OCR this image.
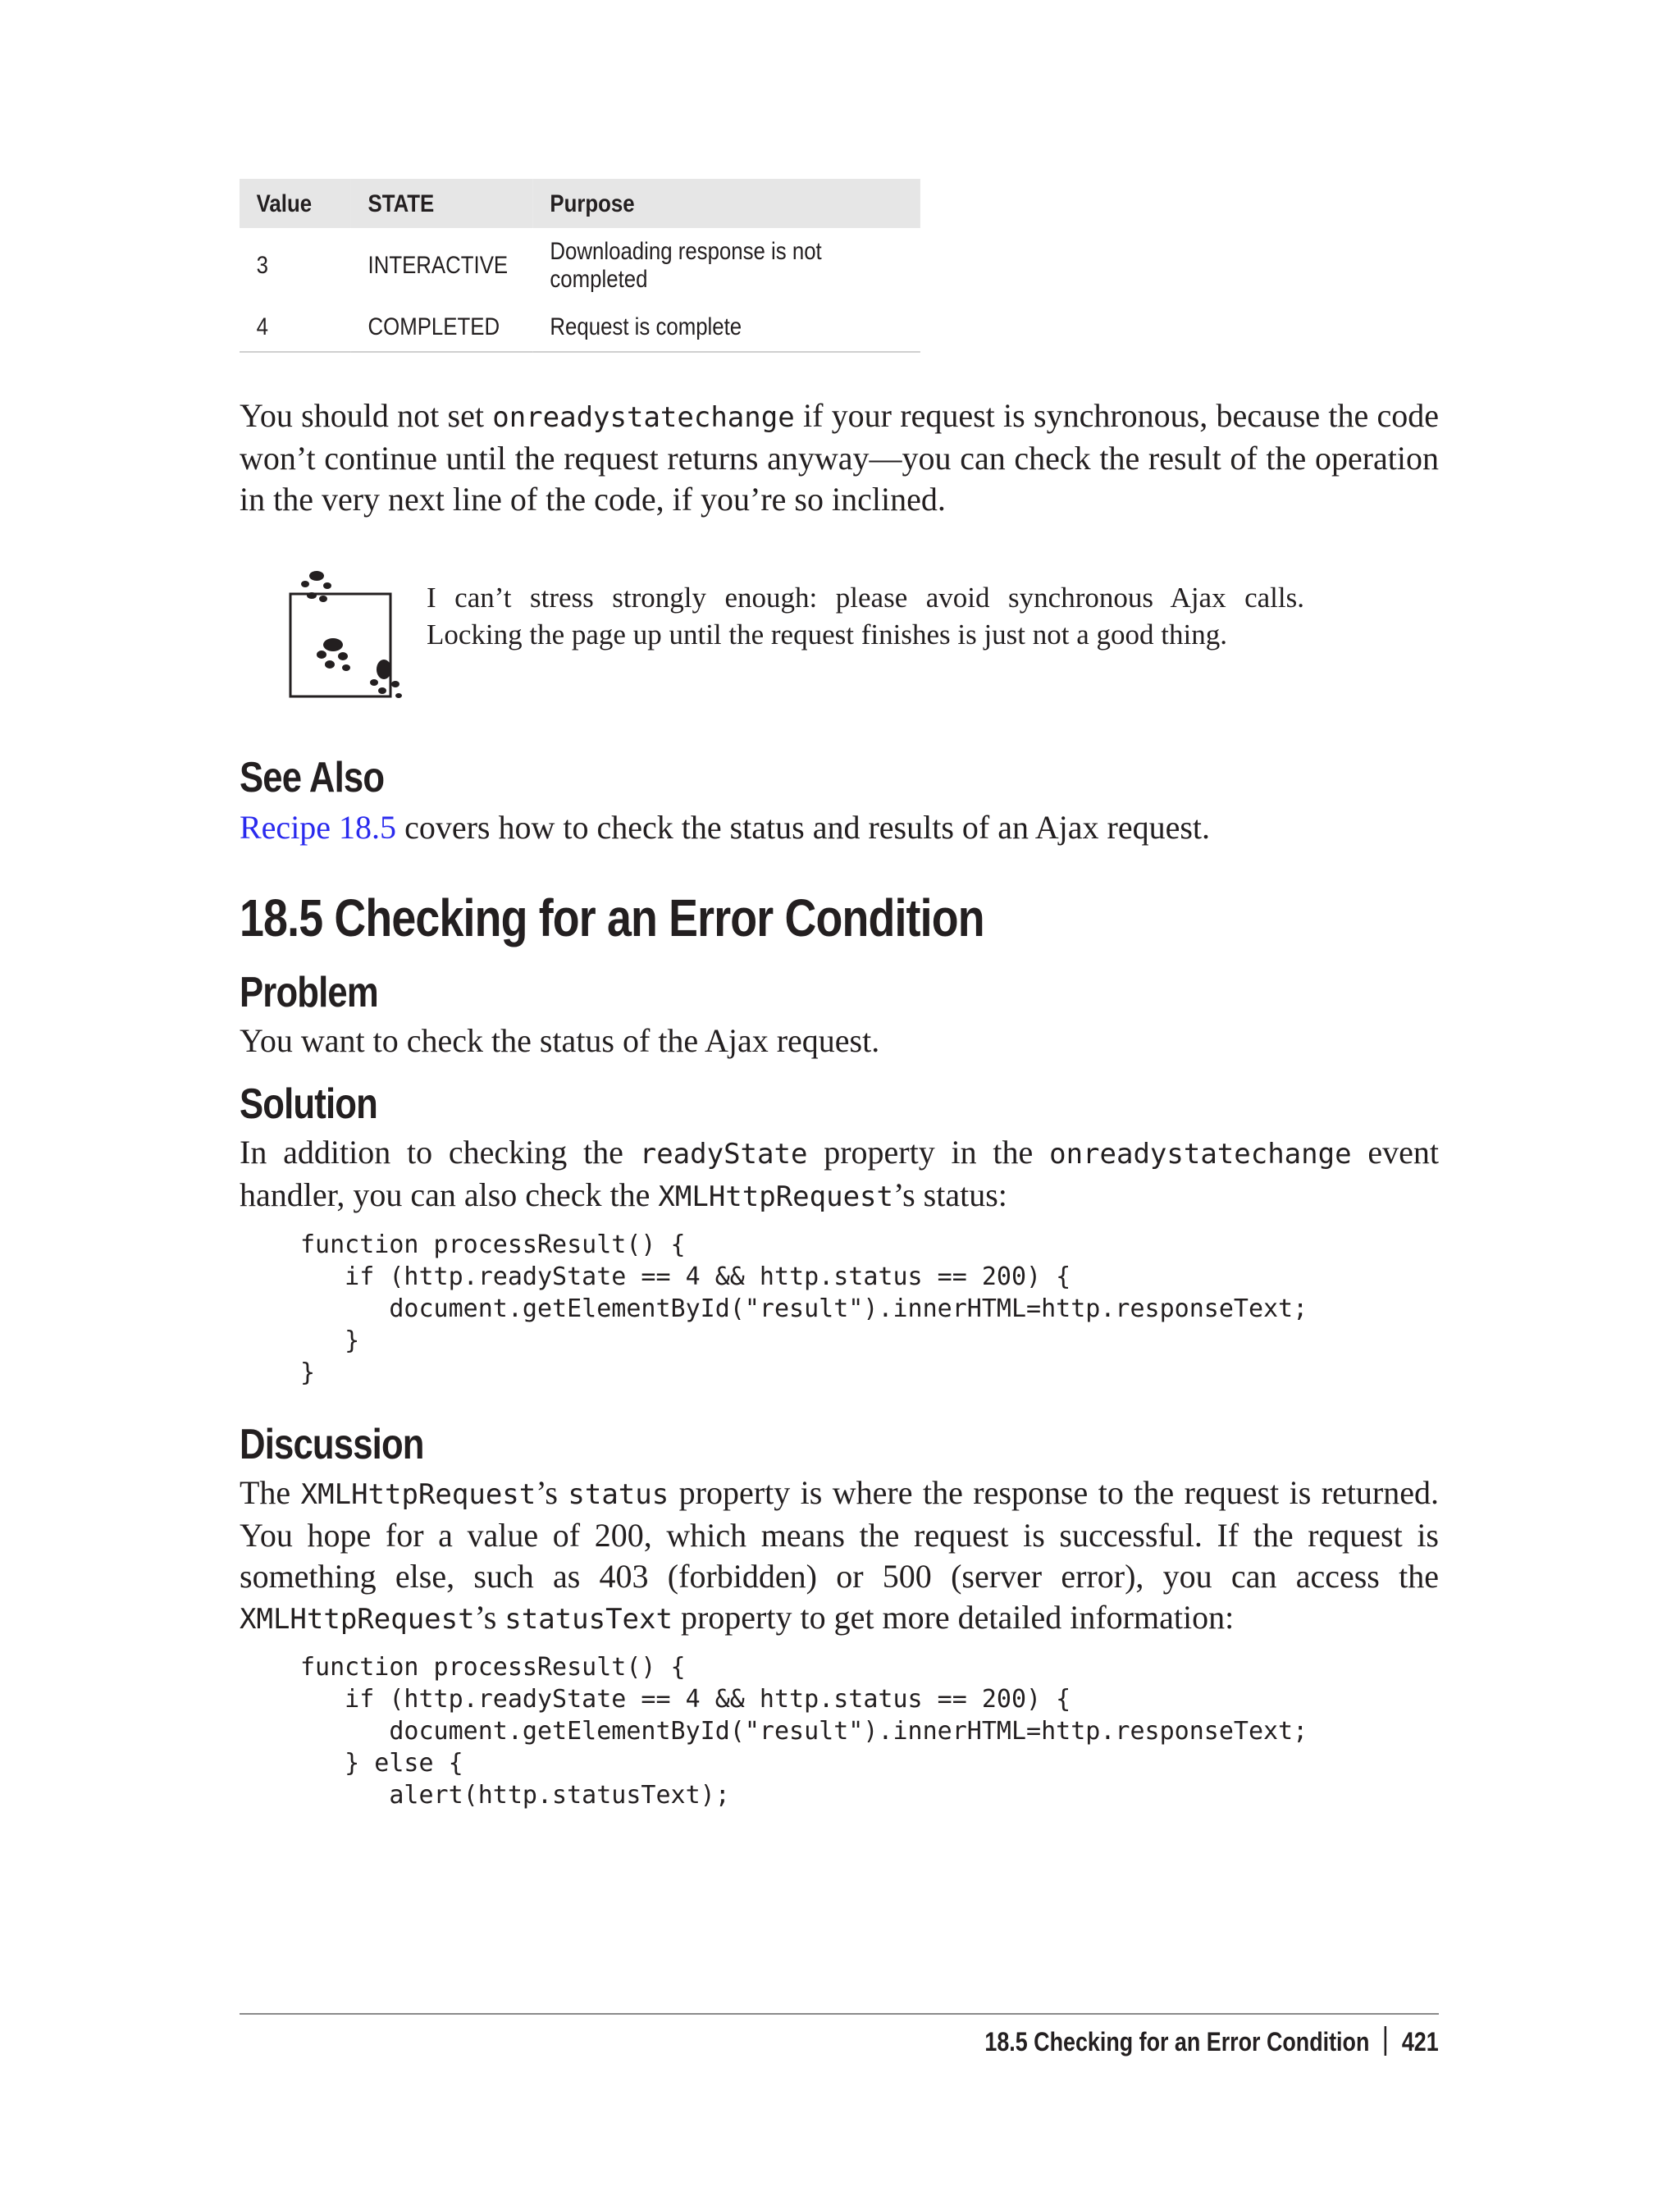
Value	STATE	Purpose
3	INTERACTIVE	Downloading response is not completed
4	COMPLETED	Request is complete

You should not set onreadystatechange if your request is synchronous, because the code won’t continue until the request returns anyway—you can check the result of the operation in the very next line of the code, if you’re so inclined.

I can’t stress strongly enough: please avoid synchronous Ajax calls. Locking the page up until the request finishes is just not a good thing.
See Also

Recipe 18.5 covers how to check the status and results of an Ajax request.

18.5 Checking for an Error Condition
Problem

You want to check the status of the Ajax request.

Solution

In addition to checking the readyState property in the onreadystatechange event handler, you can also check the XMLHttpRequest’s status:

function processResult() {
if (http.readyState == 4 && http.status == 200) {
document.getElementById("result").innerHTML=http.responseText;
}
}
Discussion

The XMLHttpRequest’s status property is where the response to the request is returned. You hope for a value of 200, which means the request is successful. If the request is something else, such as 403 (forbidden) or 500 (server error), you can access the XMLHttpRequest’s statusText property to get more detailed information:

function processResult() {
if (http.readyState == 4 && http.status == 200) {
document.getElementById("result").innerHTML=http.responseText;
} else {
alert(http.statusText);
18.5 Checking for an Error Condition 421
